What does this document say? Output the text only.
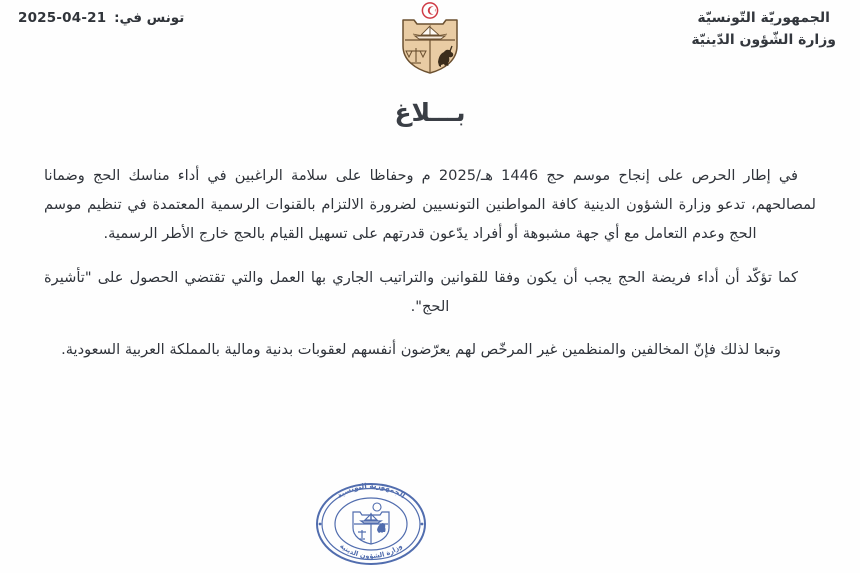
تونس في: 2025-04-21	الجمهوريّة التّونسيّة
وزارة الشّؤون الدّينيّة
بـــلاغ

في إطار الحرص على إنجاح موسم حج 1446 هـ/2025 م وحفاظا على سلامة الراغبين في أداء مناسك الحج وضمانا لمصالحهم، تدعو وزارة الشؤون الدينية كافة المواطنين التونسيين لضرورة الالتزام بالقنوات الرسمية المعتمدة في تنظيم موسم الحج وعدم التعامل مع أي جهة مشبوهة أو أفراد يدّعون قدرتهم على تسهيل القيام بالحج خارج الأطر الرسمية.

كما تؤكّد أن أداء فريضة الحج يجب أن يكون وفقا للقوانين والتراتيب الجاري بها العمل والتي تقتضي الحصول على "تأشيرة الحج".

وتبعا لذلك فإنّ المخالفين والمنظمين غير المرخّص لهم يعرّضون أنفسهم لعقوبات بدنية ومالية بالمملكة العربية السعودية.

الجمهورية التونسية
وزارة الشؤون الدينية
